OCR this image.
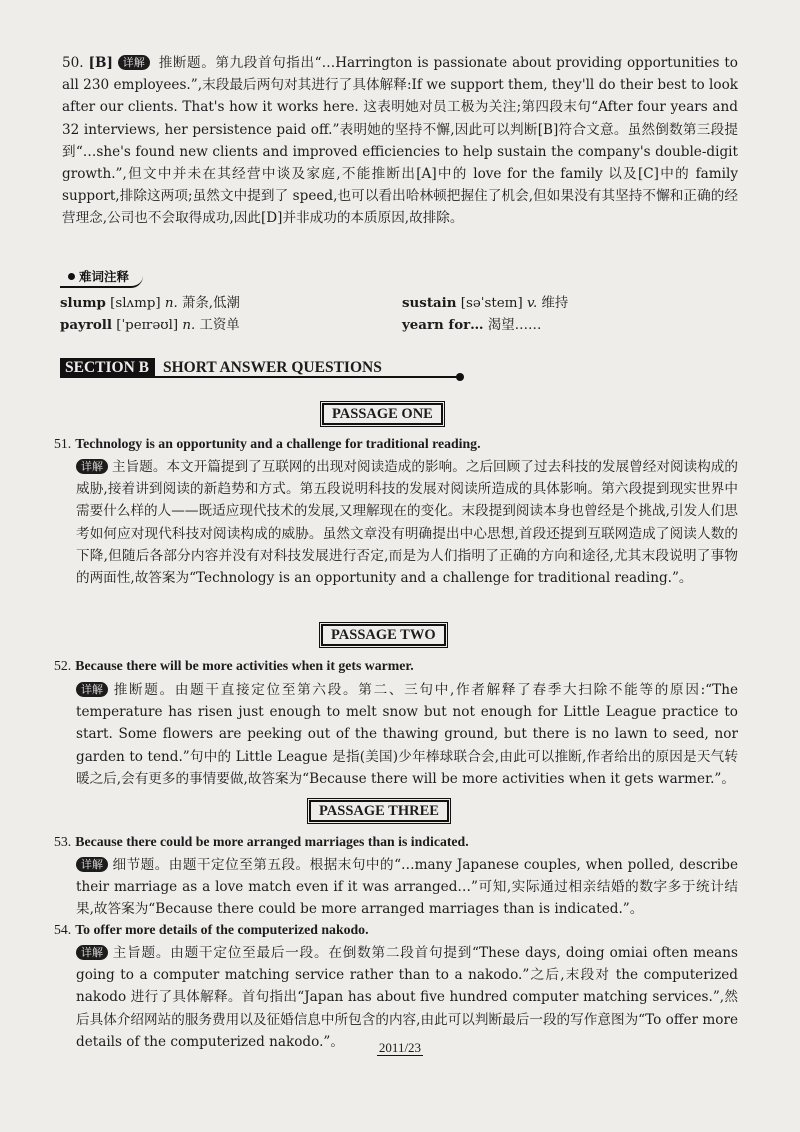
50. [B] 详解 推断题。第九段首句指出“…Harrington is passionate about providing opportunities to all 230 employees.”,末段最后两句对其进行了具体解释:If we support them, they'll do their best to look after our clients. That's how it works here. 这表明她对员工极为关注;第四段末句“After four years and 32 interviews, her persistence paid off.”表明她的坚持不懈,因此可以判断[B]符合文意。虽然倒数第三段提到“…she's found new clients and improved efficiencies to help sustain the company's double-digit growth.”,但文中并未在其经营中谈及家庭,不能推断出[A]中的 love for the family 以及[C]中的 family support,排除这两项;虽然文中提到了 speed,也可以看出哈林顿把握住了机会,但如果没有其坚持不懈和正确的经营理念,公司也不会取得成功,因此[D]并非成功的本质原因,故排除。

难词注释
slump [slʌmp] n. 萧条,低潮
payroll [ˈpeɪrəʊl] n. 工资单
sustain [səˈsteɪn] v. 维持
yearn for… 渴望……
SECTION B SHORT ANSWER QUESTIONS
PASSAGE ONE
51. Technology is an opportunity and a challenge for traditional reading.

详解 主旨题。本文开篇提到了互联网的出现对阅读造成的影响。之后回顾了过去科技的发展曾经对阅读构成的威胁,接着讲到阅读的新趋势和方式。第五段说明科技的发展对阅读所造成的具体影响。第六段提到现实世界中需要什么样的人——既适应现代技术的发展,又理解现在的变化。末段提到阅读本身也曾经是个挑战,引发人们思考如何应对现代科技对阅读构成的威胁。虽然文章没有明确提出中心思想,首段还提到互联网造成了阅读人数的下降,但随后各部分内容并没有对科技发展进行否定,而是为人们指明了正确的方向和途径,尤其末段说明了事物的两面性,故答案为“Technology is an opportunity and a challenge for traditional reading.”。

PASSAGE TWO
52. Because there will be more activities when it gets warmer.

详解 推断题。由题干直接定位至第六段。第二、三句中,作者解释了春季大扫除不能等的原因:“The temperature has risen just enough to melt snow but not enough for Little League practice to start. Some flowers are peeking out of the thawing ground, but there is no lawn to seed, nor garden to tend.”句中的 Little League 是指(美国)少年棒球联合会,由此可以推断,作者给出的原因是天气转暖之后,会有更多的事情要做,故答案为“Because there will be more activities when it gets warmer.”。

PASSAGE THREE
53. Because there could be more arranged marriages than is indicated.

详解 细节题。由题干定位至第五段。根据末句中的“…many Japanese couples, when polled, describe their marriage as a love match even if it was arranged…”可知,实际通过相亲结婚的数字多于统计结果,故答案为“Because there could be more arranged marriages than is indicated.”。

54. To offer more details of the computerized nakodo.

详解 主旨题。由题干定位至最后一段。在倒数第二段首句提到“These days, doing omiai often means going to a computer matching service rather than to a nakodo.”之后,末段对 the computerized nakodo 进行了具体解释。首句指出“Japan has about five hundred computer matching services.”,然后具体介绍网站的服务费用以及征婚信息中所包含的内容,由此可以判断最后一段的写作意图为“To offer more details of the computerized nakodo.”。	2011/23
